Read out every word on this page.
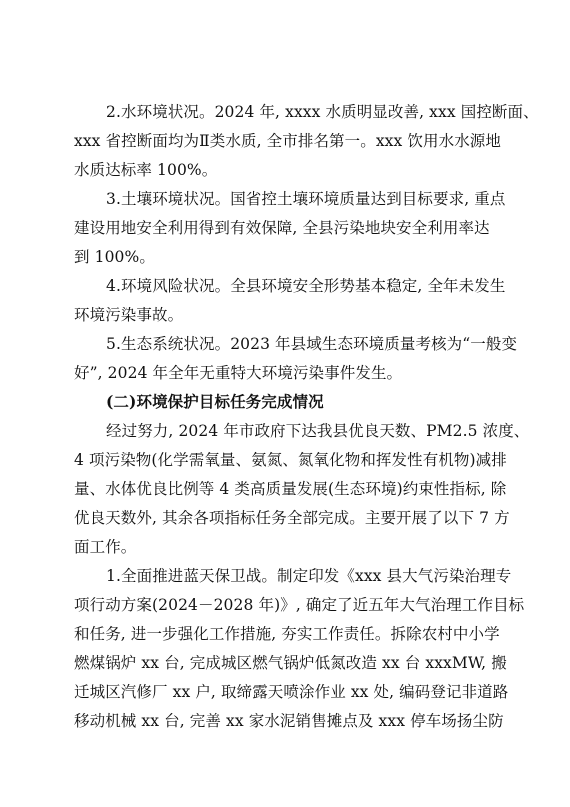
2.水环境状况。2024 年, xxxx 水质明显改善, xxx 国控断面、
xxx 省控断面均为Ⅱ类水质, 全市排名第一。xxx 饮用水水源地
水质达标率 100%。
3.土壤环境状况。国省控土壤环境质量达到目标要求, 重点
建设用地安全利用得到有效保障, 全县污染地块安全利用率达
到 100%。
4.环境风险状况。全县环境安全形势基本稳定, 全年未发生
环境污染事故。
5.生态系统状况。2023 年县域生态环境质量考核为“一般变
好”, 2024 年全年无重特大环境污染事件发生。
(二)环境保护目标任务完成情况
经过努力, 2024 年市政府下达我县优良天数、PM2.5 浓度、
4 项污染物(化学需氧量、氨氮、氮氧化物和挥发性有机物)减排
量、水体优良比例等 4 类高质量发展(生态环境)约束性指标, 除
优良天数外, 其余各项指标任务全部完成。主要开展了以下 7 方
面工作。
1.全面推进蓝天保卫战。制定印发《xxx 县大气污染治理专
项行动方案(2024－2028 年)》, 确定了近五年大气治理工作目标
和任务, 进一步强化工作措施, 夯实工作责任。拆除农村中小学
燃煤锅炉 xx 台, 完成城区燃气锅炉低氮改造 xx 台 xxxMW, 搬
迁城区汽修厂 xx 户, 取缔露天喷涂作业 xx 处, 编码登记非道路
移动机械 xx 台, 完善 xx 家水泥销售摊点及 xxx 停车场扬尘防
